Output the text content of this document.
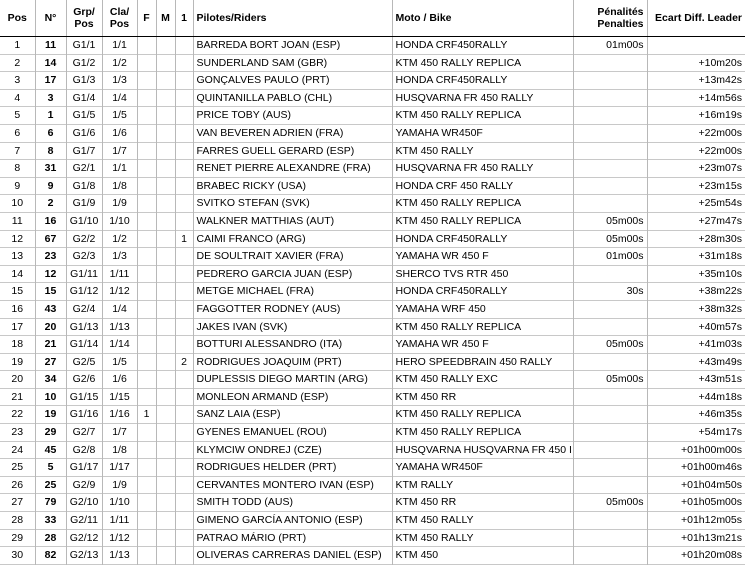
Pos	N°	Grp/ Pos	Cla/ Pos	F	M	1	Pilotes/Riders	Moto / Bike	Pénalités Penalties	Ecart Diff. Leader
1	11	G1/1	1/1				BARREDA BORT JOAN (ESP)	HONDA CRF450RALLY	01m00s	
2	14	G1/2	1/2				SUNDERLAND SAM (GBR)	KTM 450 RALLY REPLICA		+10m20s
3	17	G1/3	1/3				GONÇALVES PAULO (PRT)	HONDA CRF450RALLY		+13m42s
4	3	G1/4	1/4				QUINTANILLA PABLO (CHL)	HUSQVARNA FR 450 RALLY		+14m56s
5	1	G1/5	1/5				PRICE TOBY (AUS)	KTM 450 RALLY REPLICA		+16m19s
6	6	G1/6	1/6				VAN BEVEREN ADRIEN (FRA)	YAMAHA WR450F		+22m00s
7	8	G1/7	1/7				FARRES GUELL GERARD (ESP)	KTM 450 RALLY		+22m00s
8	31	G2/1	1/1				RENET PIERRE ALEXANDRE (FRA)	HUSQVARNA FR 450 RALLY		+23m07s
9	9	G1/8	1/8				BRABEC RICKY (USA)	HONDA CRF 450 RALLY		+23m15s
10	2	G1/9	1/9				SVITKO STEFAN (SVK)	KTM 450 RALLY REPLICA		+25m54s
11	16	G1/10	1/10				WALKNER MATTHIAS (AUT)	KTM 450 RALLY REPLICA	05m00s	+27m47s
12	67	G2/2	1/2			1	CAIMI FRANCO (ARG)	HONDA CRF450RALLY	05m00s	+28m30s
13	23	G2/3	1/3				DE SOULTRAIT XAVIER (FRA)	YAMAHA WR 450 F	01m00s	+31m18s
14	12	G1/11	1/11				PEDRERO GARCIA JUAN (ESP)	SHERCO TVS RTR 450		+35m10s
15	15	G1/12	1/12				METGE MICHAEL (FRA)	HONDA CRF450RALLY	30s	+38m22s
16	43	G2/4	1/4				FAGGOTTER RODNEY (AUS)	YAMAHA WRF 450		+38m32s
17	20	G1/13	1/13				JAKES IVAN (SVK)	KTM 450 RALLY REPLICA		+40m57s
18	21	G1/14	1/14				BOTTURI ALESSANDRO (ITA)	YAMAHA WR 450 F	05m00s	+41m03s
19	27	G2/5	1/5			2	RODRIGUES JOAQUIM (PRT)	HERO SPEEDBRAIN 450 RALLY		+43m49s
20	34	G2/6	1/6				DUPLESSIS DIEGO MARTIN (ARG)	KTM 450 RALLY EXC	05m00s	+43m51s
21	10	G1/15	1/15				MONLEON ARMAND (ESP)	KTM 450 RR		+44m18s
22	19	G1/16	1/16	1			SANZ LAIA (ESP)	KTM 450 RALLY REPLICA		+46m35s
23	29	G2/7	1/7				GYENES EMANUEL (ROU)	KTM 450 RALLY REPLICA		+54m17s
24	45	G2/8	1/8				KLYMCIW ONDREJ (CZE)	HUSQVARNA HUSQVARNA FR 450 I		+01h00m00s
25	5	G1/17	1/17				RODRIGUES HELDER (PRT)	YAMAHA WR450F		+01h00m46s
26	25	G2/9	1/9				CERVANTES MONTERO IVAN (ESP)	KTM RALLY		+01h04m50s
27	79	G2/10	1/10				SMITH TODD (AUS)	KTM 450 RR	05m00s	+01h05m00s
28	33	G2/11	1/11				GIMENO GARCÍA ANTONIO (ESP)	KTM 450 RALLY		+01h12m05s
29	28	G2/12	1/12				PATRAO MÁRIO (PRT)	KTM 450 RALLY		+01h13m21s
30	82	G2/13	1/13				OLIVERAS CARRERAS DANIEL (ESP)	KTM 450		+01h20m08s
